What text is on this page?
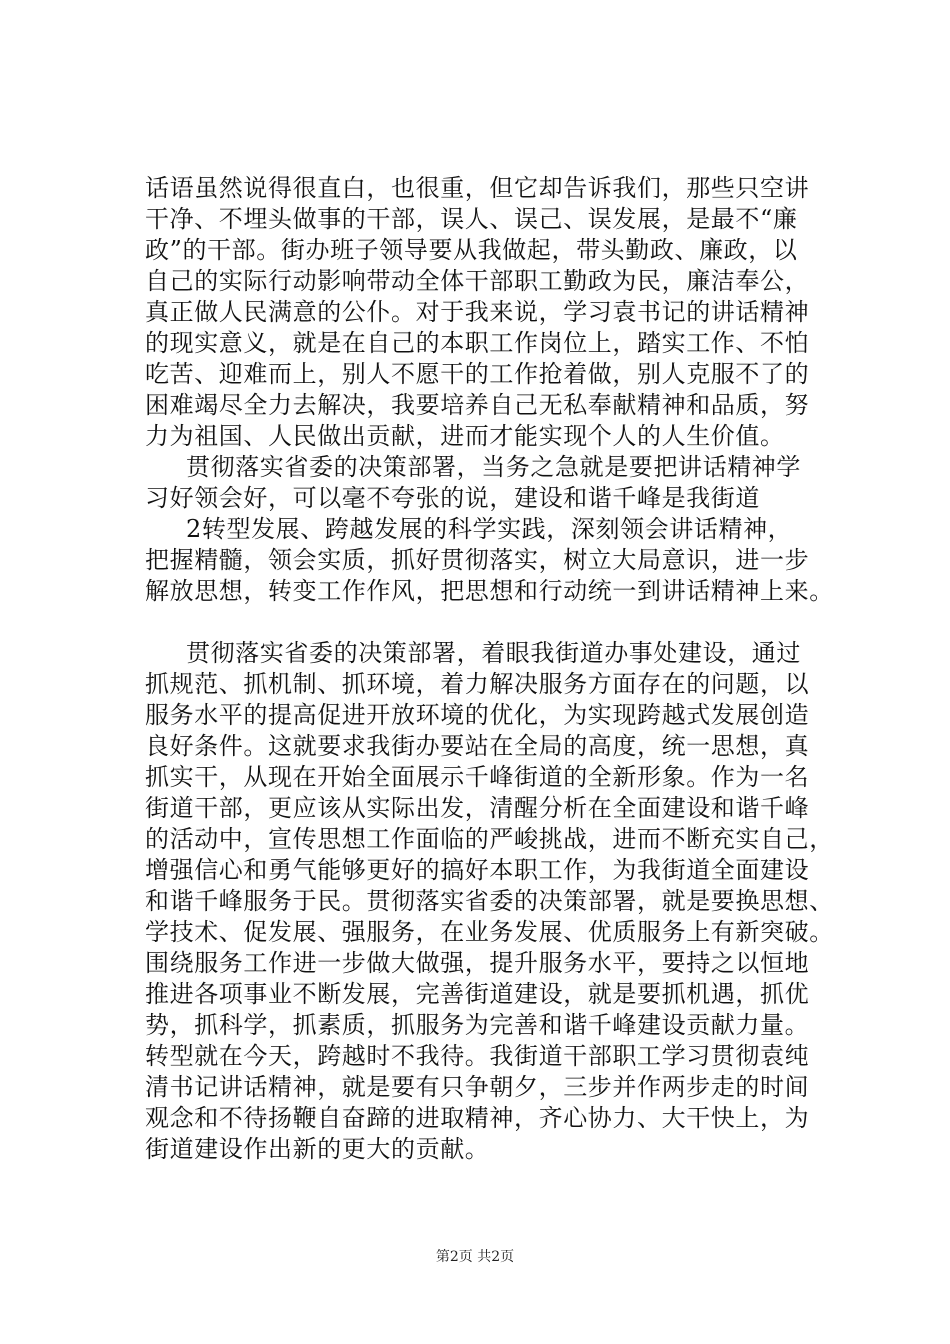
话语虽然说得很直白，也很重，但它却告诉我们，那些只空讲
干净、不埋头做事的干部，误人、误己、误发展，是最不“廉
政”的干部。街办班子领导要从我做起，带头勤政、廉政，以
自己的实际行动影响带动全体干部职工勤政为民，廉洁奉公，
真正做人民满意的公仆。对于我来说，学习袁书记的讲话精神
的现实意义，就是在自己的本职工作岗位上，踏实工作、不怕
吃苦、迎难而上，别人不愿干的工作抢着做，别人克服不了的
困难竭尽全力去解决，我要培养自己无私奉献精神和品质，努
力为祖国、人民做出贡献，进而才能实现个人的人生价值。
贯彻落实省委的决策部署，当务之急就是要把讲话精神学
习好领会好，可以毫不夸张的说，建设和谐千峰是我街道
2转型发展、跨越发展的科学实践，深刻领会讲话精神，
把握精髓，领会实质，抓好贯彻落实，树立大局意识，进一步
解放思想，转变工作作风，把思想和行动统一到讲话精神上来。
贯彻落实省委的决策部署，着眼我街道办事处建设，通过
抓规范、抓机制、抓环境，着力解决服务方面存在的问题，以
服务水平的提高促进开放环境的优化，为实现跨越式发展创造
良好条件。这就要求我街办要站在全局的高度，统一思想，真
抓实干，从现在开始全面展示千峰街道的全新形象。作为一名
街道干部，更应该从实际出发，清醒分析在全面建设和谐千峰
的活动中，宣传思想工作面临的严峻挑战，进而不断充实自己，
增强信心和勇气能够更好的搞好本职工作，为我街道全面建设
和谐千峰服务于民。贯彻落实省委的决策部署，就是要换思想、
学技术、促发展、强服务，在业务发展、优质服务上有新突破。
围绕服务工作进一步做大做强，提升服务水平，要持之以恒地
推进各项事业不断发展，完善街道建设，就是要抓机遇，抓优
势，抓科学，抓素质，抓服务为完善和谐千峰建设贡献力量。
转型就在今天，跨越时不我待。我街道干部职工学习贯彻袁纯
清书记讲话精神，就是要有只争朝夕，三步并作两步走的时间
观念和不待扬鞭自奋蹄的进取精神，齐心协力、大干快上，为
街道建设作出新的更大的贡献。
第2页 共2页
